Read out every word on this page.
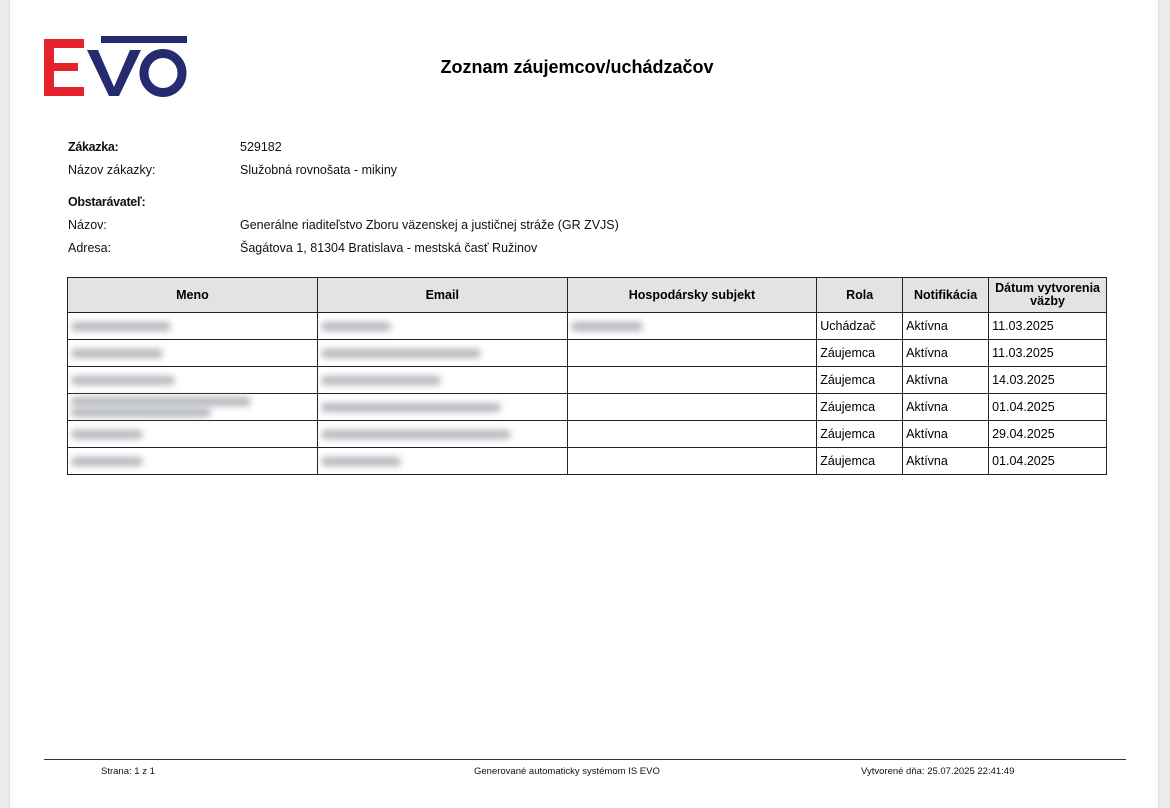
Zoznam záujemcov/uchádzačov
Zákazka:	529182
Názov zákazky:	Služobná rovnošata - mikiny
Obstarávateľ:
Názov:	Generálne riaditeľstvo Zboru väzenskej a justičnej stráže (GR ZVJS)
Adresa:	Šagátova 1, 81304 Bratislava - mestská časť Ružinov
Meno	Email	Hospodársky subjekt	Rola	Notifikácia	Dátum vytvorenia väzby
			Uchádzač	Aktívna	11.03.2025
			Záujemca	Aktívna	11.03.2025
			Záujemca	Aktívna	14.03.2025

			Záujemca	Aktívna	01.04.2025
			Záujemca	Aktívna	29.04.2025
			Záujemca	Aktívna	01.04.2025
Strana: 1 z 1	Generované automaticky systémom IS EVO	Vytvorené dňa: 25.07.2025 22:41:49
